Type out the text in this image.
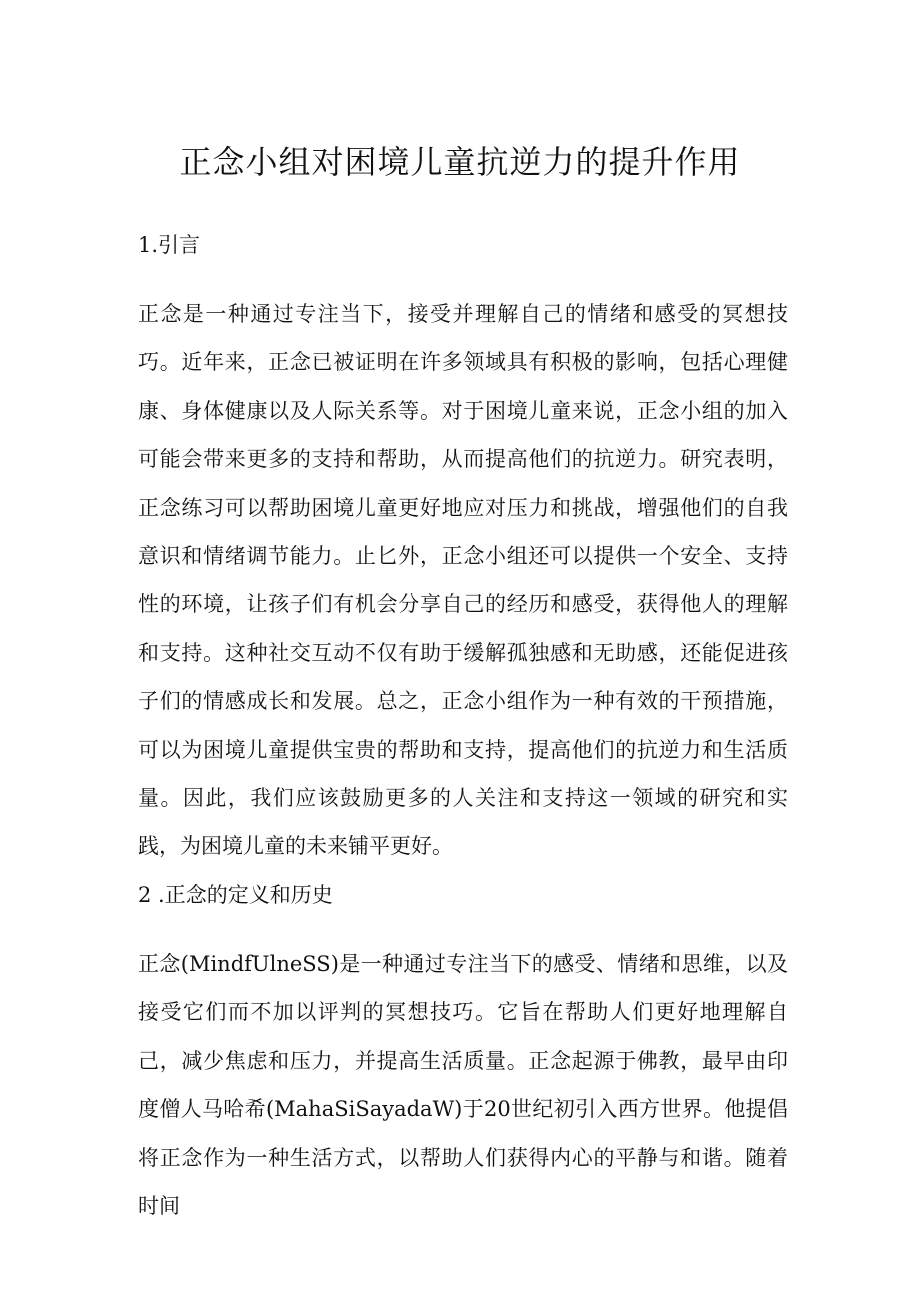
正念小组对困境儿童抗逆力的提升作用
1.引言

正念是一种通过专注当下，接受并理解自己的情绪和感受的冥想技巧。近年来，正念已被证明在许多领域具有积极的影响，包括心理健康、身体健康以及人际关系等。对于困境儿童来说，正念小组的加入可能会带来更多的支持和帮助，从而提高他们的抗逆力。研究表明，正念练习可以帮助困境儿童更好地应对压力和挑战，增强他们的自我意识和情绪调节能力。止匕外，正念小组还可以提供一个安全、支持性的环境，让孩子们有机会分享自己的经历和感受，获得他人的理解和支持。这种社交互动不仅有助于缓解孤独感和无助感，还能促进孩子们的情感成长和发展。总之，正念小组作为一种有效的干预措施，可以为困境儿童提供宝贵的帮助和支持，提高他们的抗逆力和生活质量。因此，我们应该鼓励更多的人关注和支持这一领域的研究和实践，为困境儿童的未来铺平更好。

2 .正念的定义和历史

正念(MindfUlneSS)是一种通过专注当下的感受、情绪和思维，以及接受它们而不加以评判的冥想技巧。它旨在帮助人们更好地理解自己，减少焦虑和压力，并提高生活质量。正念起源于佛教，最早由印度僧人马哈希(MahaSiSayadaW)于20世纪初引入西方世界。他提倡将正念作为一种生活方式，以帮助人们获得内心的平静与和谐。随着时间
